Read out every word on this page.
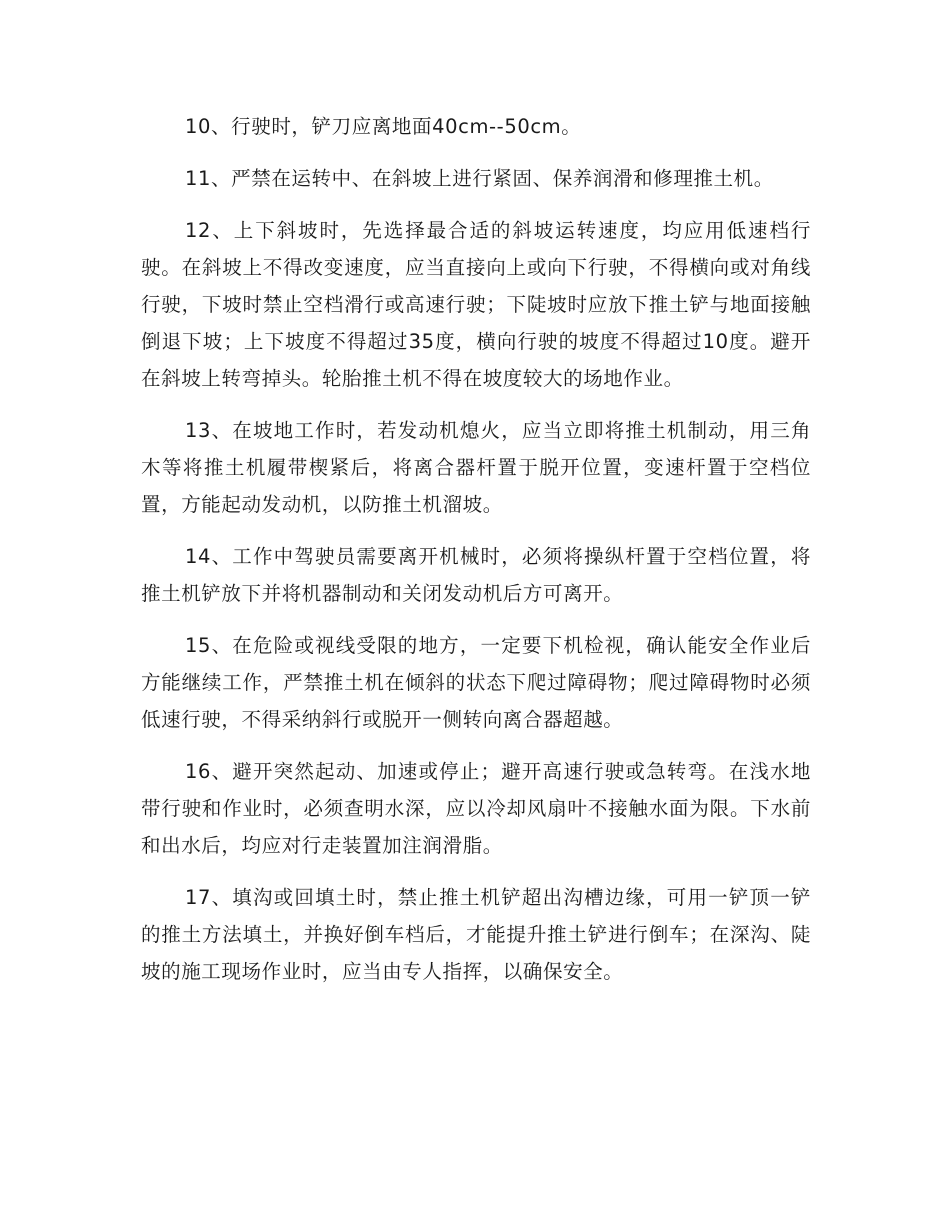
10、行驶时，铲刀应离地面40cm--50cm。

11、严禁在运转中、在斜坡上进行紧固、保养润滑和修理推土机。

12、上下斜坡时，先选择最合适的斜坡运转速度，均应用低速档行驶。在斜坡上不得改变速度，应当直接向上或向下行驶，不得横向或对角线行驶，下坡时禁止空档滑行或高速行驶；下陡坡时应放下推土铲与地面接触倒退下坡；上下坡度不得超过35度，横向行驶的坡度不得超过10度。避开在斜坡上转弯掉头。轮胎推土机不得在坡度较大的场地作业。

13、在坡地工作时，若发动机熄火，应当立即将推土机制动，用三角木等将推土机履带楔紧后，将离合器杆置于脱开位置，变速杆置于空档位置，方能起动发动机，以防推土机溜坡。

14、工作中驾驶员需要离开机械时，必须将操纵杆置于空档位置，将推土机铲放下并将机器制动和关闭发动机后方可离开。

15、在危险或视线受限的地方，一定要下机检视，确认能安全作业后方能继续工作，严禁推土机在倾斜的状态下爬过障碍物；爬过障碍物时必须低速行驶，不得采纳斜行或脱开一侧转向离合器超越。

16、避开突然起动、加速或停止；避开高速行驶或急转弯。在浅水地带行驶和作业时，必须查明水深，应以冷却风扇叶不接触水面为限。下水前和出水后，均应对行走装置加注润滑脂。

17、填沟或回填土时，禁止推土机铲超出沟槽边缘，可用一铲顶一铲的推土方法填土，并换好倒车档后，才能提升推土铲进行倒车；在深沟、陡坡的施工现场作业时，应当由专人指挥，以确保安全。
